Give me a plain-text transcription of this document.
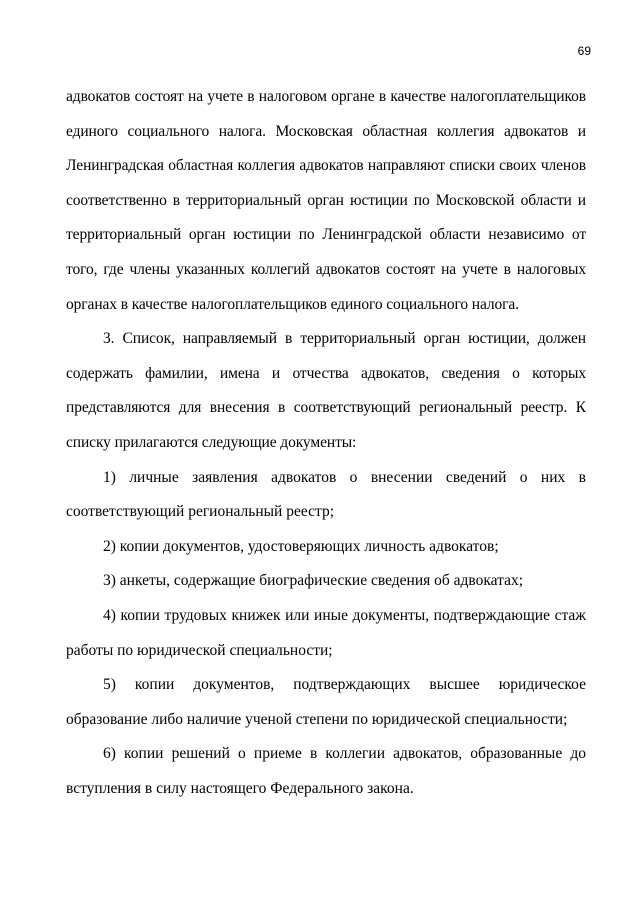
69

адвокатов состоят на учете в налоговом органе в качестве налогоплательщиков единого социального налога. Московская областная коллегия адвокатов и Ленинградская областная коллегия адвокатов направляют списки своих членов соответственно в территориальный орган юстиции по Московской области и территориальный орган юстиции по Ленинградской области независимо от того, где члены указанных коллегий адвокатов состоят на учете в налоговых органах в качестве налогоплательщиков единого социального налога.

3. Список, направляемый в территориальный орган юстиции, должен содержать фамилии, имена и отчества адвокатов, сведения о которых представляются для внесения в соответствующий региональный реестр. К списку прилагаются следующие документы:

1) личные заявления адвокатов о внесении сведений о них в соответствующий региональный реестр;

2) копии документов, удостоверяющих личность адвокатов;

3) анкеты, содержащие биографические сведения об адвокатах;

4) копии трудовых книжек или иные документы, подтверждающие стаж работы по юридической специальности;

5) копии документов, подтверждающих высшее юридическое образование либо наличие ученой степени по юридической специальности;

6) копии решений о приеме в коллегии адвокатов, образованные до вступления в силу настоящего Федерального закона.
